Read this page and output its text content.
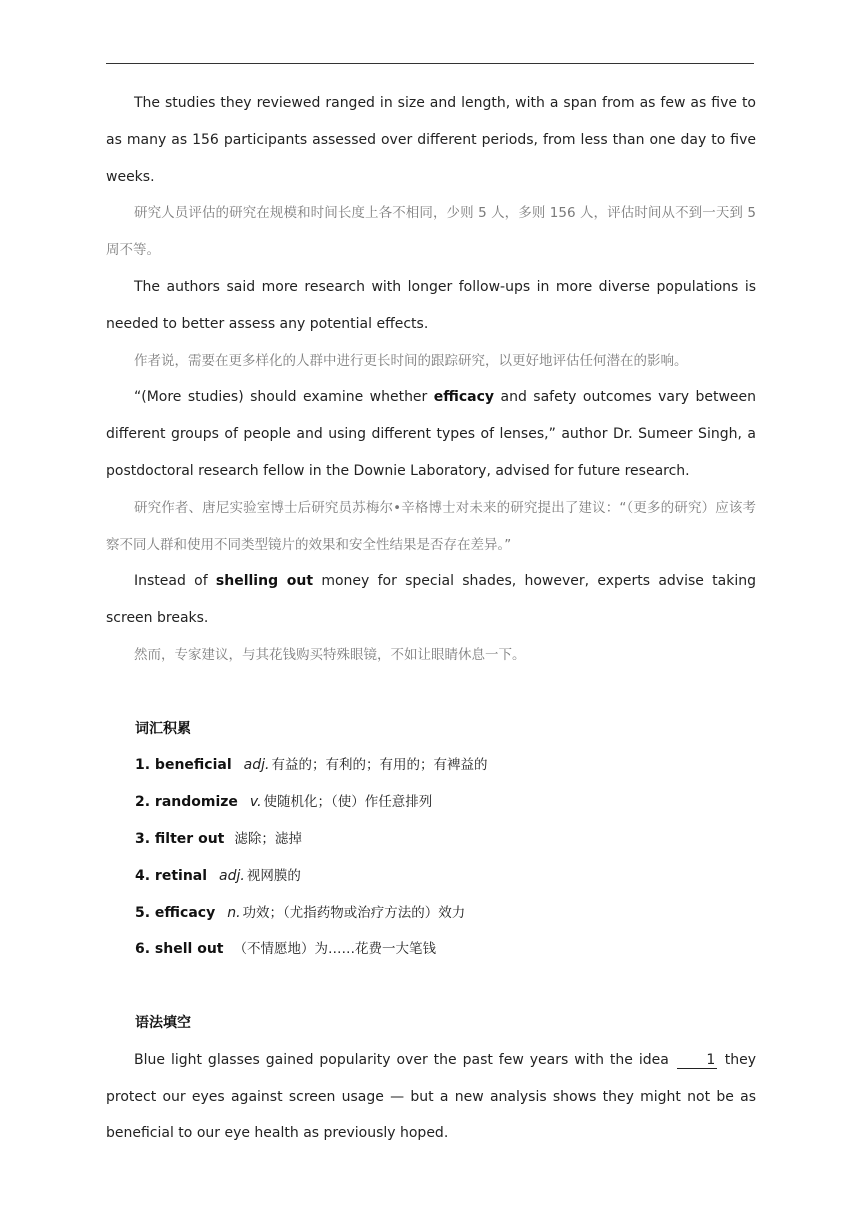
The studies they reviewed ranged in size and length, with a span from as few as five to as many as 156 participants assessed over different periods, from less than one day to five weeks.

研究人员评估的研究在规模和时间长度上各不相同，少则 5 人，多则 156 人，评估时间从不到一天到 5 周不等。

The authors said more research with longer follow-ups in more diverse populations is needed to better assess any potential effects.

作者说，需要在更多样化的人群中进行更长时间的跟踪研究，以更好地评估任何潜在的影响。

“(More studies) should examine whether efficacy and safety outcomes vary between different groups of people and using different types of lenses,” author Dr. Sumeer Singh, a postdoctoral research fellow in the Downie Laboratory, advised for future research.

研究作者、唐尼实验室博士后研究员苏梅尔•辛格博士对未来的研究提出了建议：“（更多的研究）应该考察不同人群和使用不同类型镜片的效果和安全性结果是否存在差异。”

Instead of shelling out money for special shades, however, experts advise taking screen breaks.

然而，专家建议，与其花钱购买特殊眼镜，不如让眼睛休息一下。

词汇积累

1. beneficial adj. 有益的；有利的；有用的；有裨益的

2. randomize v. 使随机化；（使）作任意排列

3. filter out 滤除；滤掉

4. retinal adj. 视网膜的

5. efficacy n. 功效；（尤指药物或治疗方法的）效力

6. shell out （不情愿地）为……花费一大笔钱

语法填空

Blue light glasses gained popularity over the past few years with the idea 1 they protect our eyes against screen usage — but a new analysis shows they might not be as beneficial to our eye health as previously hoped.
